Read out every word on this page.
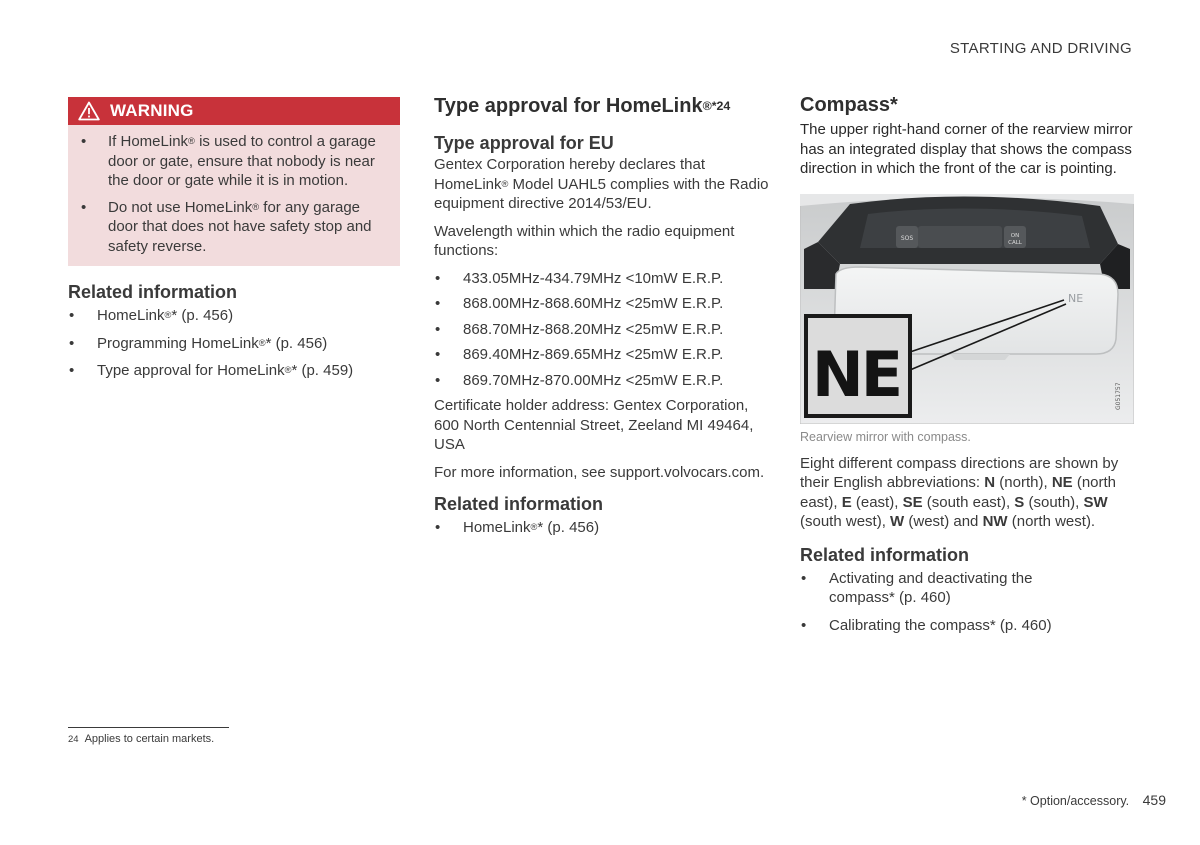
STARTING AND DRIVING
WARNING
• If HomeLink® is used to control a garage door or gate, ensure that nobody is near the door or gate while it is in motion.
• Do not use HomeLink® for any garage door that does not have safety stop and safety reverse.
Related information
• HomeLink®* (p. 456)
• Programming HomeLink®* (p. 456)
• Type approval for HomeLink®* (p. 459)
Type approval for HomeLink$^{®*24}$
Type approval for EU

Gentex Corporation hereby declares that HomeLink® Model UAHL5 complies with the Radio equipment directive 2014/53/EU.

Wavelength within which the radio equipment functions:

• 433.05MHz-434.79MHz <10mW E.R.P.
• 868.00MHz-868.60MHz <25mW E.R.P.
• 868.70MHz-868.20MHz <25mW E.R.P.
• 869.40MHz-869.65MHz <25mW E.R.P.
• 869.70MHz-870.00MHz <25mW E.R.P.

Certificate holder address: Gentex Corporation, 600 North Centennial Street, Zeeland MI 49464, USA

For more information, see support.volvocars.com.

Related information
• HomeLink®* (p. 456)
Compass*

The upper right-hand corner of the rearview mirror has an integrated display that shows the compass direction in which the front of the car is pointing.

SOS	ON
CALL
NE
NE	G051757
Rearview mirror with compass.

Eight different compass directions are shown by their English abbreviations: N (north), NE (north east), E (east), SE (south east), S (south), SW (south west), W (west) and NW (north west).

Related information
• Activating and deactivating the compass* (p. 460)
• Calibrating the compass* (p. 460)
24 Applies to certain markets.
* Option/accessory. 459
